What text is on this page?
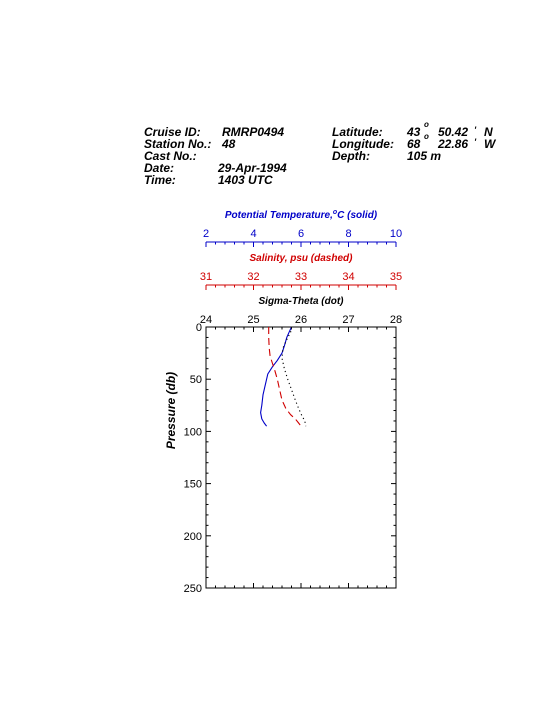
Cruise ID: RMRP0494
Station No.: 48
Cast No.:
Date:	29-Apr-1994
Time:	1403 UTC
Latitude: 43
o
50.42 ' N
Longitude: 68
o
22.86 ' W
Depth:	105 m
0
50
100
150
200
250
Pressure (db)
2	4	6	8	10
Potential Temperature,$^o$C (solid)
31	32	33	34	35
Salinity, psu (dashed)
24	25	26	27	28
Sigma-Theta (dot)
